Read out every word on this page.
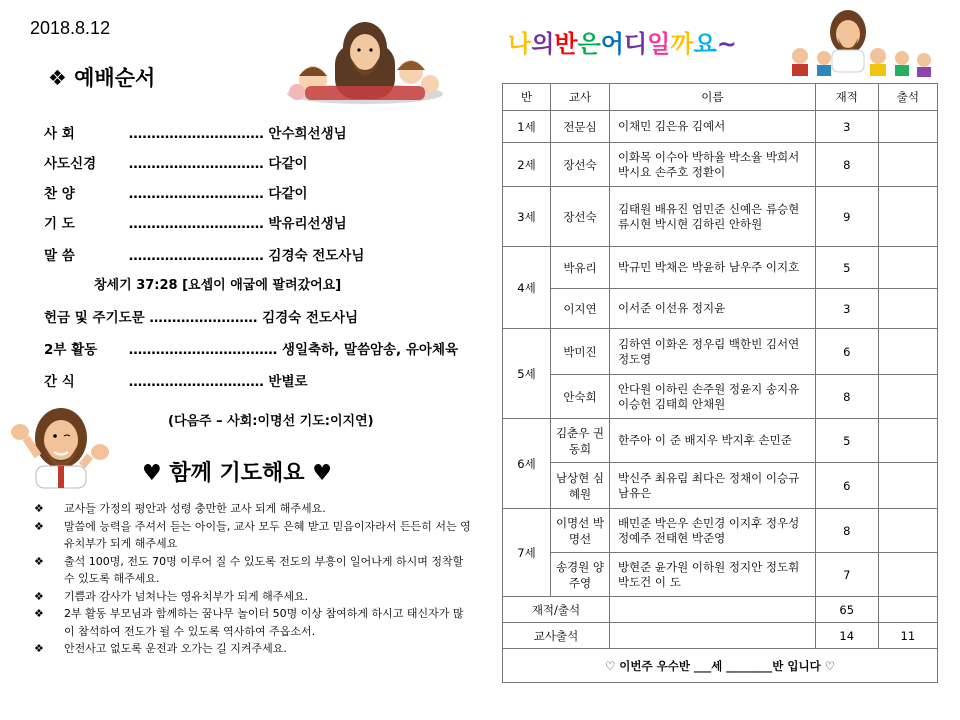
2018.8.12
❖ 예배순서
사 회	………………………… 안수희선생님
사도신경 ………………………… 다같이
찬 양	………………………… 다같이
기 도	………………………… 박유리선생님
말 씀	………………………… 김경숙 전도사님
창세기 37:28 [요셉이 애굽에 팔려갔어요]
헌금 및 주기도문 …………………… 김경숙 전도사님
2부 활동 …………………………… 생일축하, 말씀암송, 유아체육
간 식	………………………… 반별로
(다음주 – 사회:이명선 기도:이지연)
♥ 함께 기도해요 ♥
❖ 교사들 가정의 평안과 성령 충만한 교사 되게 해주세요.
❖ 말씀에 능력을 주셔서 듣는 아이들, 교사 모두 은혜 받고 믿음이자라서 든든히 서는 영유치부가 되게 해주세요
❖ 출석 100명, 전도 70명 이루어 질 수 있도록 전도의 부흥이 일어나게 하시며 정착할 수 있도록 해주세요.
❖ 기쁨과 감사가 넘쳐나는 영유치부가 되게 해주세요.
❖ 2부 활동 부모님과 함께하는 꿈나무 놀이터 50명 이상 참여하게 하시고 태신자가 많이 참석하여 전도가 될 수 있도록 역사하여 주옵소서.
❖ 안전사고 없도록 운전과 오가는 길 지켜주세요.
나의반은어디일까요~
반	교사	이름	재적	출석
1세	전문심	이채민 김은유 김예서	3	
2세	장선숙	이화목 이수아 박하율 박소율 박희서 박시요 손주호 정환이	8	
3세	장선숙	김태원 배유진 엄민준 신예은 류승현 류시현 박시현 김하린 안하원	9	
4세	박유리	박규민 박채은 박윤하 남우주 이지호	5	
	이지연	이서준 이선유 정지윤	3	
5세	박미진	김하연 이화온 정우림 백한빈 김서연 정도영	6	
	안숙희	안다원 이하린 손주원 정윤지 송지유 이승헌 김태희 안채원	8	
6세	김춘우 권동희	한주아 이 준 배지우 박지후 손민준	5	
	남상현 심혜원	박신주 최유림 최다은 정채이 이승규 남유은	6	
7세	이명선 박명선	배민준 박은우 손민경 이지후 정우성 정예주 전태현 박준영	8	
	송경원 양주영	방현준 윤가원 이하원 정지안 정도휘 박도건 이 도	7	
재적/출석			65	
교사출석			14	11
♡ 이번주 우수반 ___세 ________반 입니다 ♡				
